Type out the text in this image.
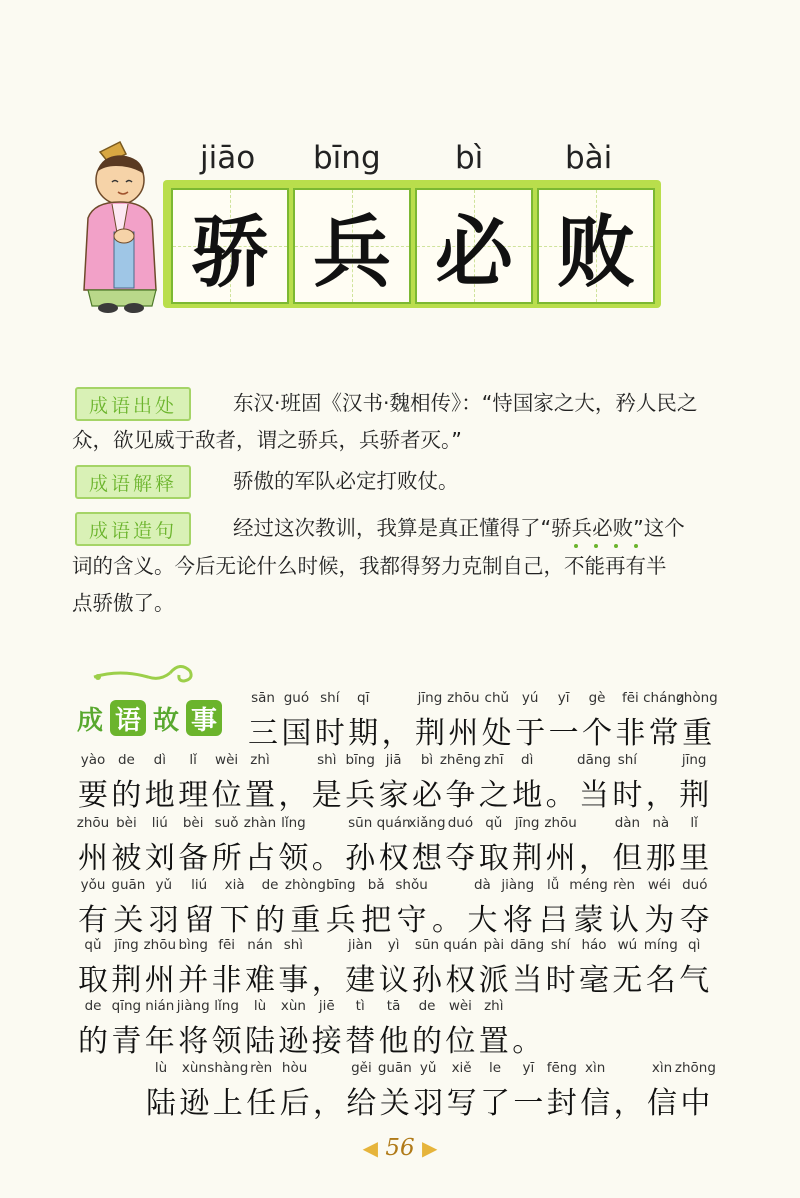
jiāo bīng bì	bài
骄 兵 必 败
成语出处	东汉·班固《汉书·魏相传》：“恃国家之大，矜人民之
众，欲见威于敌者，谓之骄兵，兵骄者灭。”
成语解释	骄傲的军队必定打败仗。
成语造句	经过这次教训，我算是真正懂得了“骄兵必败”这个
词的含义。今后无论什么时候，我都得努力克制自己，不能再有半
点骄傲了。
成 语 故 事
sān
三
guó
国
shí
时
qī
期 ，
jīng
荆
zhōu
州
chǔ
处
yú
于
yī
一
gè
个
fēi
非
cháng
常
zhòng
重
yào
要
de
的
dì
地
lǐ
理
wèi
位
zhì
置 ，
shì
是
bīng
兵
jiā
家
bì
必
zhēng
争
zhī
之
dì
地 。
dāng
当
shí
时 ，
jīng
荆
zhōu
州
bèi
被
liú
刘
bèi
备
suǒ
所
zhàn
占
lǐng
领 。
sūn
孙
quán
权
xiǎng
想
duó
夺
qǔ
取
jīng
荆
zhōu
州 ，
dàn
但
nà
那
lǐ
里
yǒu
有
guān
关
yǔ
羽
liú
留
xià
下
de
的
zhòng
重
bīng
兵
bǎ
把
shǒu
守 。
dà
大
jiàng
将
lǚ
吕
méng
蒙
rèn
认
wéi
为
duó
夺
qǔ
取
jīng
荆
zhōu
州
bìng
并
fēi
非
nán
难
shì
事 ，
jiàn
建
yì
议
sūn
孙
quán
权
pài
派
dāng
当
shí
时
háo
毫
wú
无
míng
名
qì
气
de
的
qīng
青
nián
年
jiàng
将
lǐng
领
lù
陆
xùn
逊
jiē
接
tì
替
tā
他
de
的
wèi
位
zhì
置 。
lù
陆
xùn
逊
shàng
上
rèn
任
hòu
后 ，
gěi
给
guān
关
yǔ
羽
xiě
写
le
了
yī
一
fēng
封
xìn
信 ，
xìn
信
zhōng
中
◀ 56 ▶
